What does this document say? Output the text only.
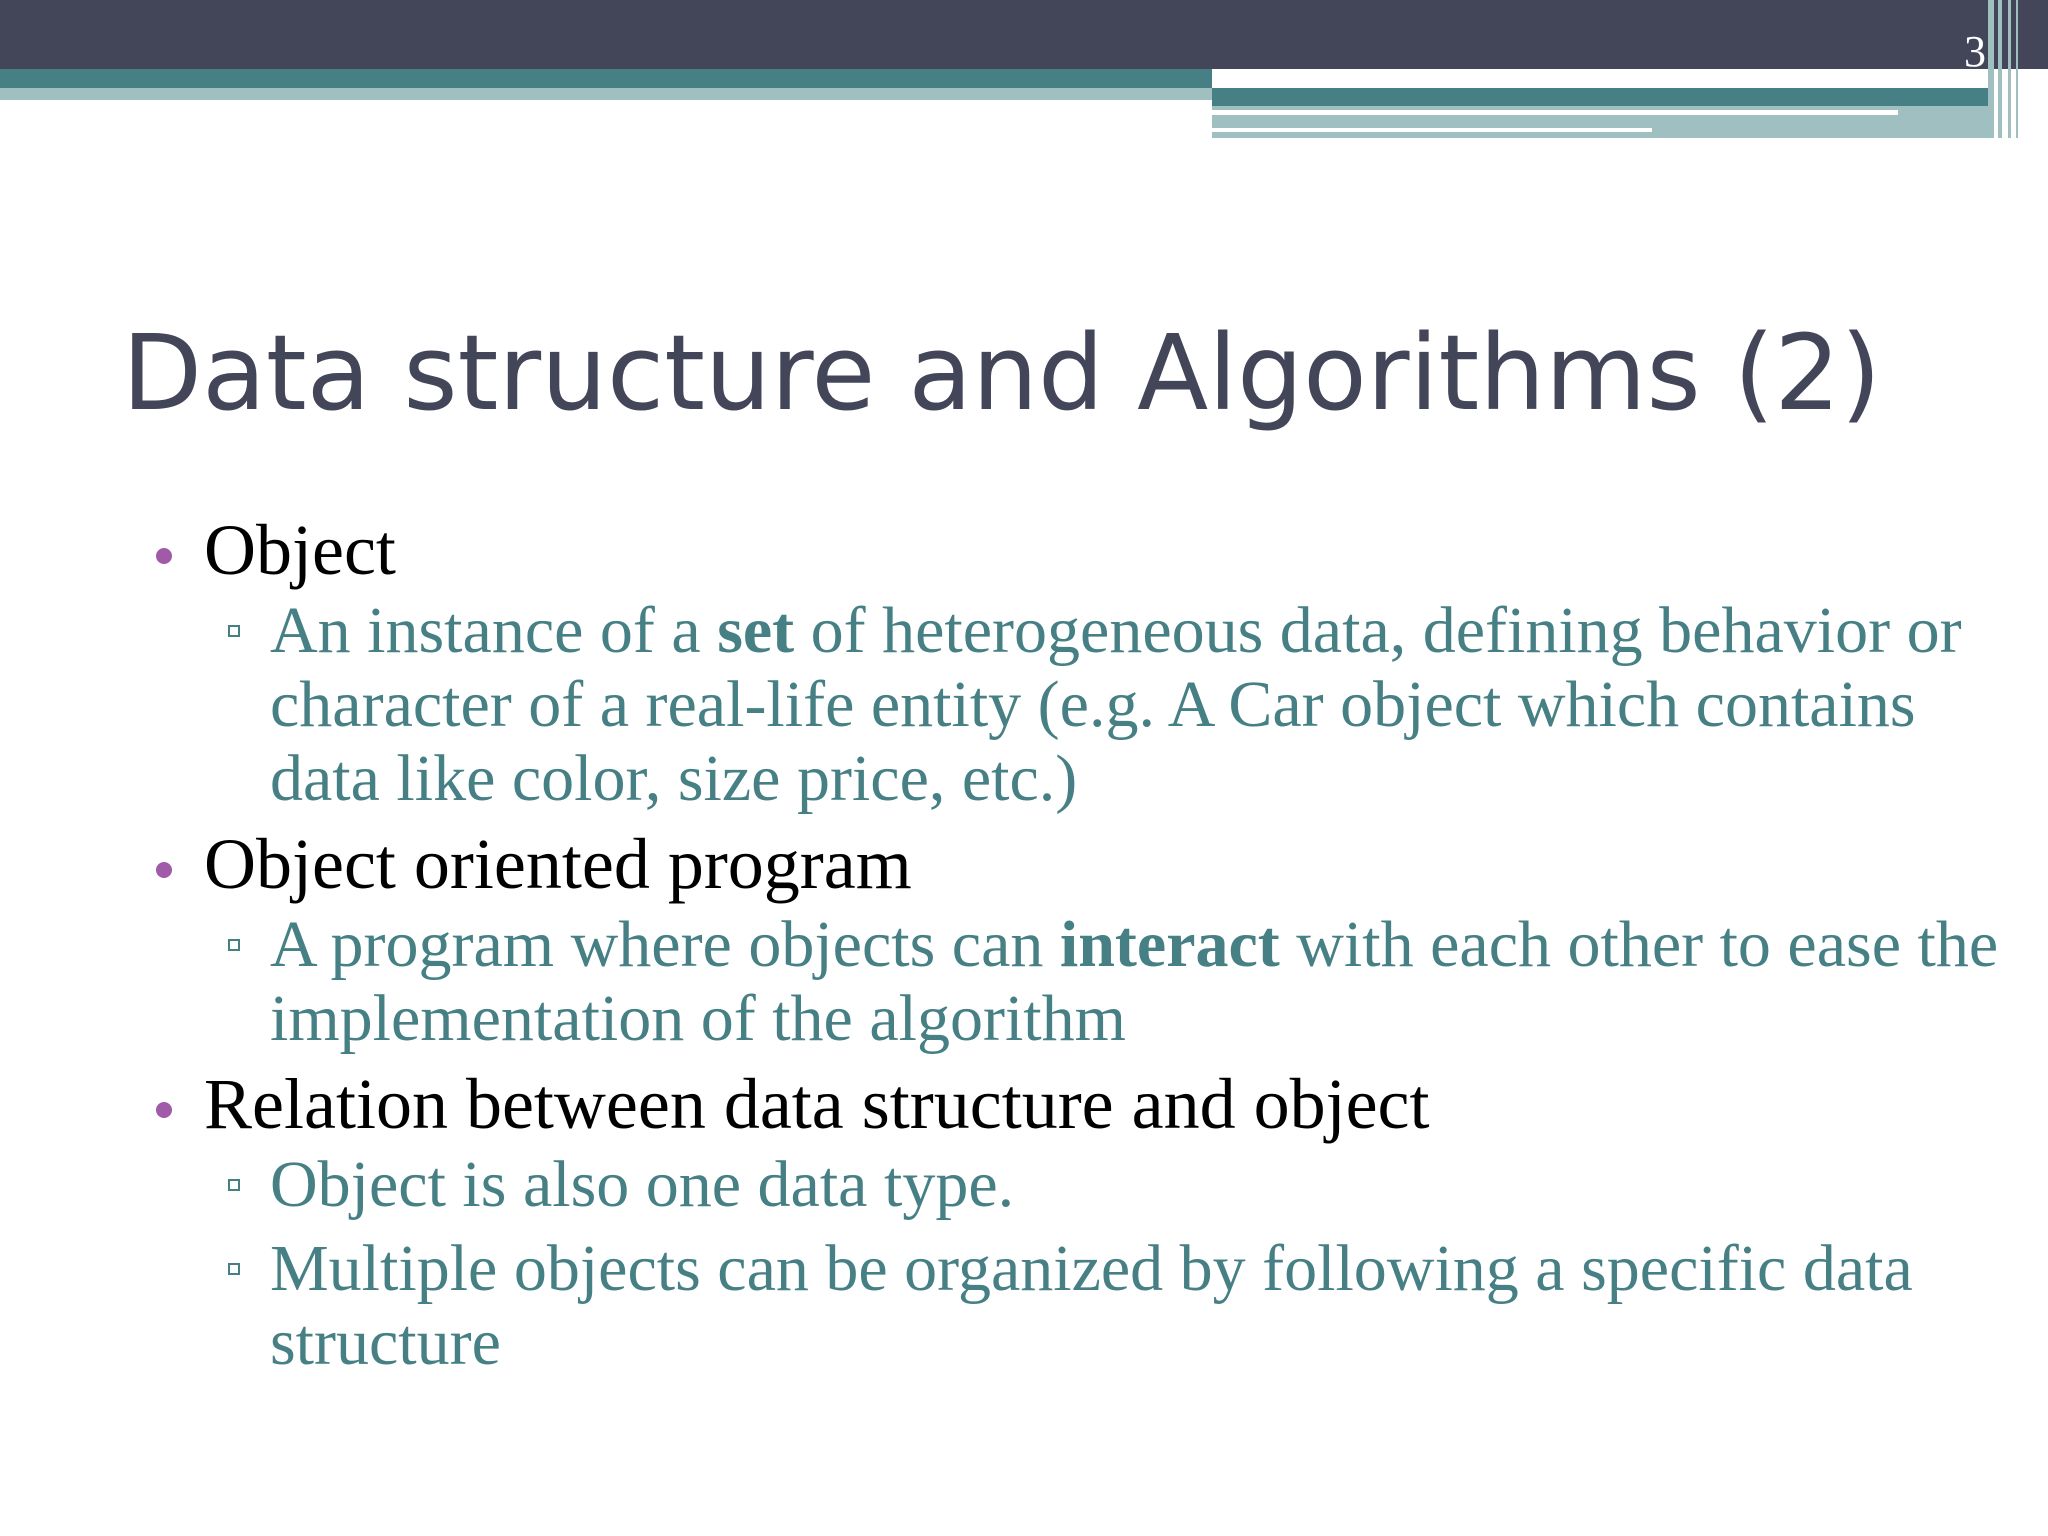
3
Data structure and Algorithms (2)
Object
An instance of a set of heterogeneous data, defining behavior or character of a real-life entity (e.g. A Car object which contains data like color, size price, etc.)
Object oriented program
A program where objects can interact with each other to ease the implementation of the algorithm
Relation between data structure and object
Object is also one data type.
Multiple objects can be organized by following a specific data structure
